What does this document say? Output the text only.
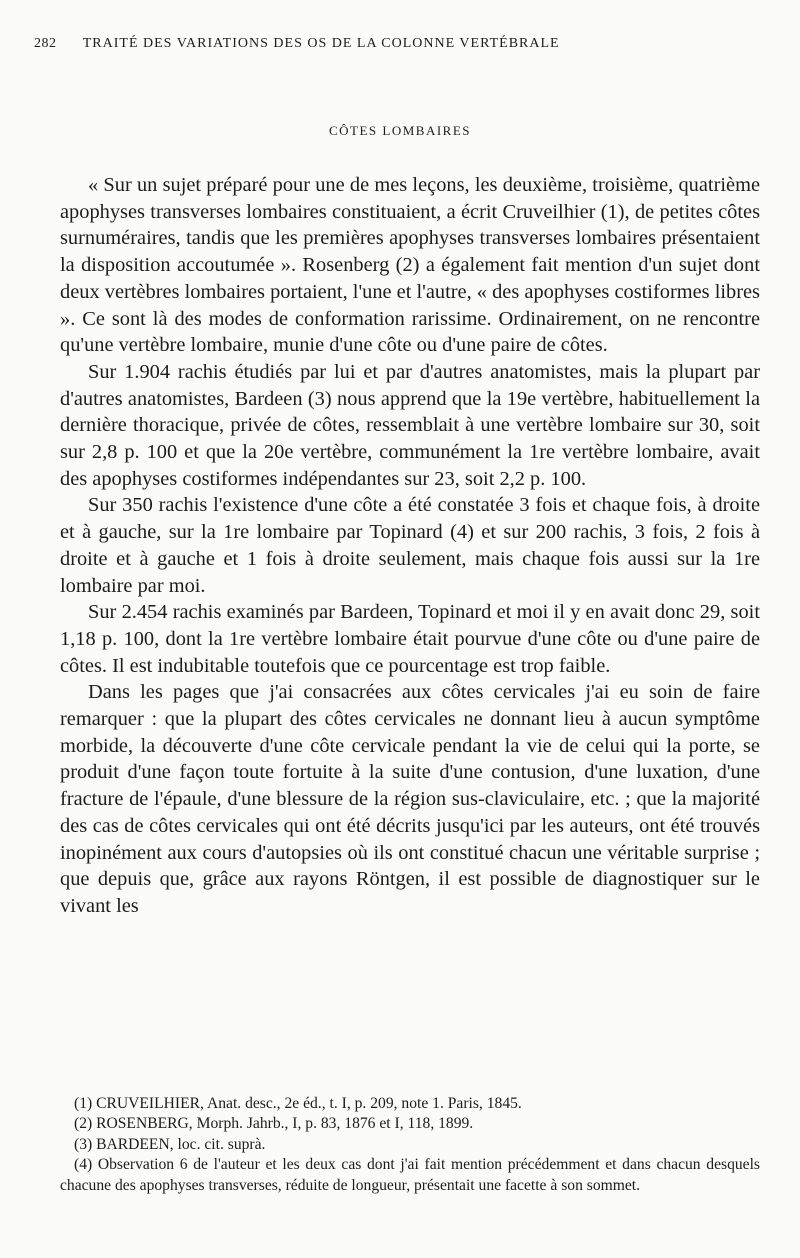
282 TRAITÉ DES VARIATIONS DES OS DE LA COLONNE VERTÉBRALE
CÔTES LOMBAIRES

« Sur un sujet préparé pour une de mes leçons, les deuxième, troisième, quatrième apophyses transverses lombaires constituaient, a écrit Cruveilhier (1), de petites côtes surnuméraires, tandis que les premières apophyses transverses lombaires présentaient la disposition accoutumée ». Rosenberg (2) a également fait mention d'un sujet dont deux vertèbres lombaires portaient, l'une et l'autre, « des apophyses costiformes libres ». Ce sont là des modes de conformation rarissime. Ordinairement, on ne rencontre qu'une vertèbre lombaire, munie d'une côte ou d'une paire de côtes.

Sur 1.904 rachis étudiés par lui et par d'autres anatomistes, mais la plupart par d'autres anatomistes, Bardeen (3) nous apprend que la 19e vertèbre, habituellement la dernière thoracique, privée de côtes, ressemblait à une vertèbre lombaire sur 30, soit sur 2,8 p. 100 et que la 20e vertèbre, communément la 1re vertèbre lombaire, avait des apophyses costiformes indépendantes sur 23, soit 2,2 p. 100.

Sur 350 rachis l'existence d'une côte a été constatée 3 fois et chaque fois, à droite et à gauche, sur la 1re lombaire par Topinard (4) et sur 200 rachis, 3 fois, 2 fois à droite et à gauche et 1 fois à droite seulement, mais chaque fois aussi sur la 1re lombaire par moi.

Sur 2.454 rachis examinés par Bardeen, Topinard et moi il y en avait donc 29, soit 1,18 p. 100, dont la 1re vertèbre lombaire était pourvue d'une côte ou d'une paire de côtes. Il est indubitable toutefois que ce pourcentage est trop faible.

Dans les pages que j'ai consacrées aux côtes cervicales j'ai eu soin de faire remarquer : que la plupart des côtes cervicales ne donnant lieu à aucun symptôme morbide, la découverte d'une côte cervicale pendant la vie de celui qui la porte, se produit d'une façon toute fortuite à la suite d'une contusion, d'une luxation, d'une fracture de l'épaule, d'une blessure de la région sus-claviculaire, etc. ; que la majorité des cas de côtes cervicales qui ont été décrits jusqu'ici par les auteurs, ont été trouvés inopinément aux cours d'autopsies où ils ont constitué chacun une véritable surprise ; que depuis que, grâce aux rayons Röntgen, il est possible de diagnostiquer sur le vivant les

(1) CRUVEILHIER, Anat. desc., 2e éd., t. I, p. 209, note 1. Paris, 1845.

(2) ROSENBERG, Morph. Jahrb., I, p. 83, 1876 et I, 118, 1899.

(3) BARDEEN, loc. cit. suprà.

(4) Observation 6 de l'auteur et les deux cas dont j'ai fait mention précédemment et dans chacun desquels chacune des apophyses transverses, réduite de longueur, présentait une facette à son sommet.
